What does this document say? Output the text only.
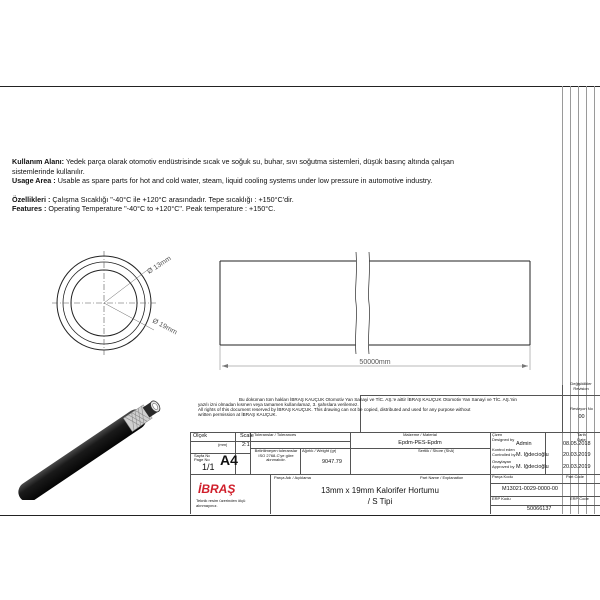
Kullanım Alanı: Yedek parça olarak otomotiv endüstrisinde sıcak ve soğuk su, buhar, sıvı soğutma sistemleri, düşük basınç altında çalışan

sistemlerinde kullanılır.

Usage Area : Usable as spare parts for hot and cold water, steam, liquid cooling systems under low pressure in automotive industry.

Özellikleri : Çalışma Sıcaklığı "-40°C ile +120°C arasındadır. Tepe sıcaklığı : +150°C'dir.

Features : Operating Temperature "-40°C to +120°C". Peak temperature : +150°C.

Ø 13mm
Ø 19mm
50000mm
Değişiklikler
Revision
Bu doküman tüm hakları İBRAŞ KAUÇUK Otomotiv Yan Sanayi ve TİC. AŞ.'e aittir İBRAŞ KAUÇUK Otomotiv Yan Sanayi ve TİC. AŞ.'nin
yazılı izni olmadan kısmen veya tamamen kullanılamaz, 3. şahıslara verilemez.
All rights of this document reserved by İBRAŞ KAUÇUK. This drawing can not be copied, distributed and used for any purpose without
written permission at İBRAŞ KAUÇUK.
Revizyon No
00
Tarih
Date
Ölçek
(mm)
Scale
2:1
Sayfa No
Page No
1/1 A4
Toleranslar / Tolerances
Belirtilmeyen toleranslar
ISO 2768-C'ye göre
alınmalıdır.
Malzeme / Material
Epdm-PES-Epdm
Ağırlık / Weight (gr)
9047.79
Sertlik / Shore (ShA)
Çizen
Designed by
Admin	08.05.2018
Kontrol eden
Controlled by M. İğdecioğlu	20.03.2019
Onaylayan
Approved by M. İğdecioğlu	20.03.2019
İBRAŞ
Parça Adı / Açıklama	Part Name / Explanation
13mm x 19mm Kalorifer Hortumu
/ S Tipi
Teknik resim üzerinden ölçü
alınmayınız.
Parça Kodu	Part Code
M13021-0029-0000-00
ERP Kodu	ERP Code
50066137
